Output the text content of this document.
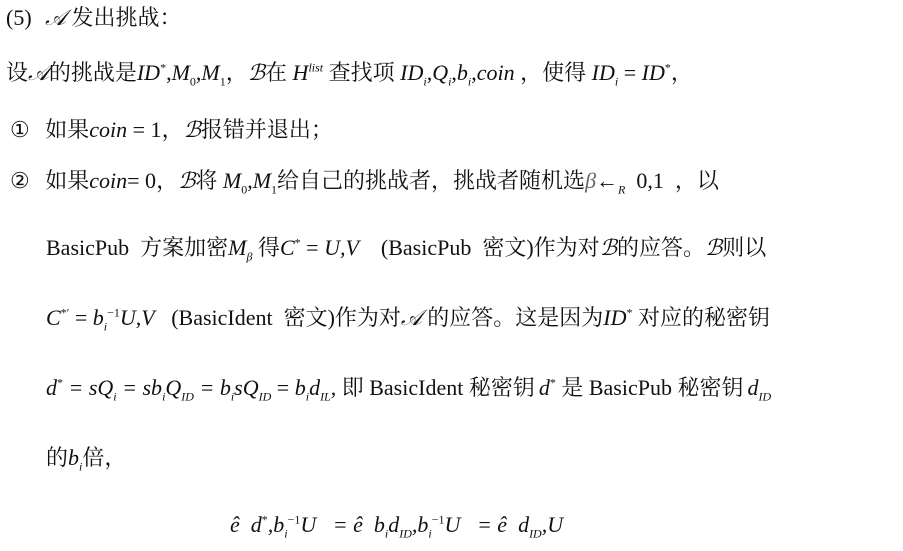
(5) 𝒜 发出挑战：
设𝒜的挑战是$ID^*,M_0,M_1$，ℬ在 $H^{list}$ 查找项 $ID_i,Q_i,b_i,coin$ ，使得 $ID_i = ID^*$，
① 如果coin = 1，ℬ报错并退出；
② 如果coin= 0，ℬ将 $M_0,M_1$给自己的挑战者，挑战者随机选$\beta\leftarrow_R$ 0,1 ，以
BasicPub 方案加密$M_\beta$ 得C* = U,V (BasicPub 密文)作为对ℬ的应答。ℬ则以
$C^{*'} = b_i^{-1}U,V$ (BasicIdent 密文)作为对𝒜 的应答。这是因为ID* 对应的秘密钥
$d^* = sQ_i = sb_iQ_{ID} = b_isQ_{ID} = b_id_{IL}$, 即 BasicIdent 秘密钥 d* 是 BasicPub 秘密钥 $d_{ID}$
的$b_i$倍，
ê $d^*,b_i^{-1}U$   = ê $b_id_{ID},b_i^{-1}U$   = ê $d_{ID},U$
